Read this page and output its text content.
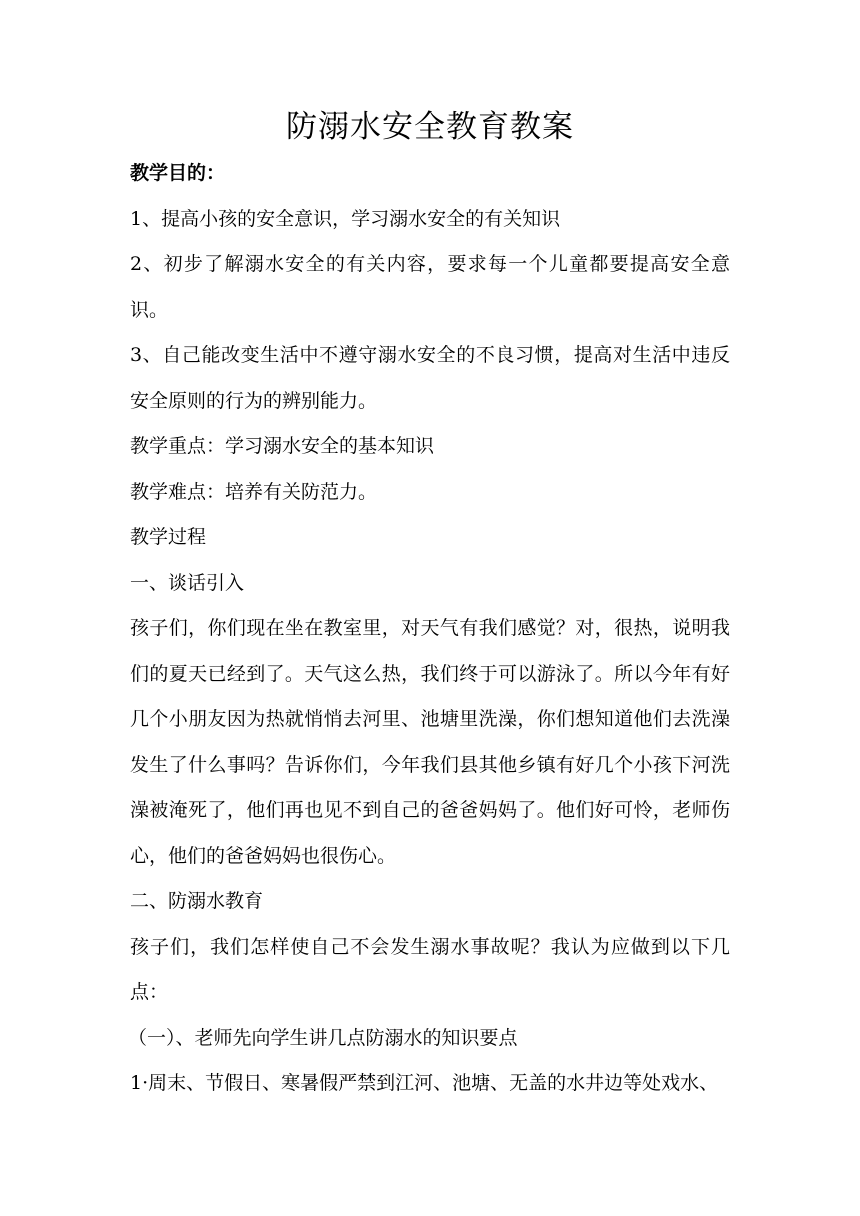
防溺水安全教育教案

教学目的：

1、提高小孩的安全意识，学习溺水安全的有关知识

2、初步了解溺水安全的有关内容，要求每一个儿童都要提高安全意识。

3、自己能改变生活中不遵守溺水安全的不良习惯，提高对生活中违反安全原则的行为的辨别能力。

教学重点：学习溺水安全的基本知识

教学难点：培养有关防范力。

教学过程

一、谈话引入

孩子们，你们现在坐在教室里，对天气有我们感觉？对，很热，说明我们的夏天已经到了。天气这么热，我们终于可以游泳了。所以今年有好几个小朋友因为热就悄悄去河里、池塘里洗澡，你们想知道他们去洗澡发生了什么事吗？告诉你们，今年我们县其他乡镇有好几个小孩下河洗澡被淹死了，他们再也见不到自己的爸爸妈妈了。他们好可怜，老师伤心，他们的爸爸妈妈也很伤心。

二、防溺水教育

孩子们，我们怎样使自己不会发生溺水事故呢？我认为应做到以下几点：

（一）、老师先向学生讲几点防溺水的知识要点

1·周末、节假日、寒暑假严禁到江河、池塘、无盖的水井边等处戏水、
